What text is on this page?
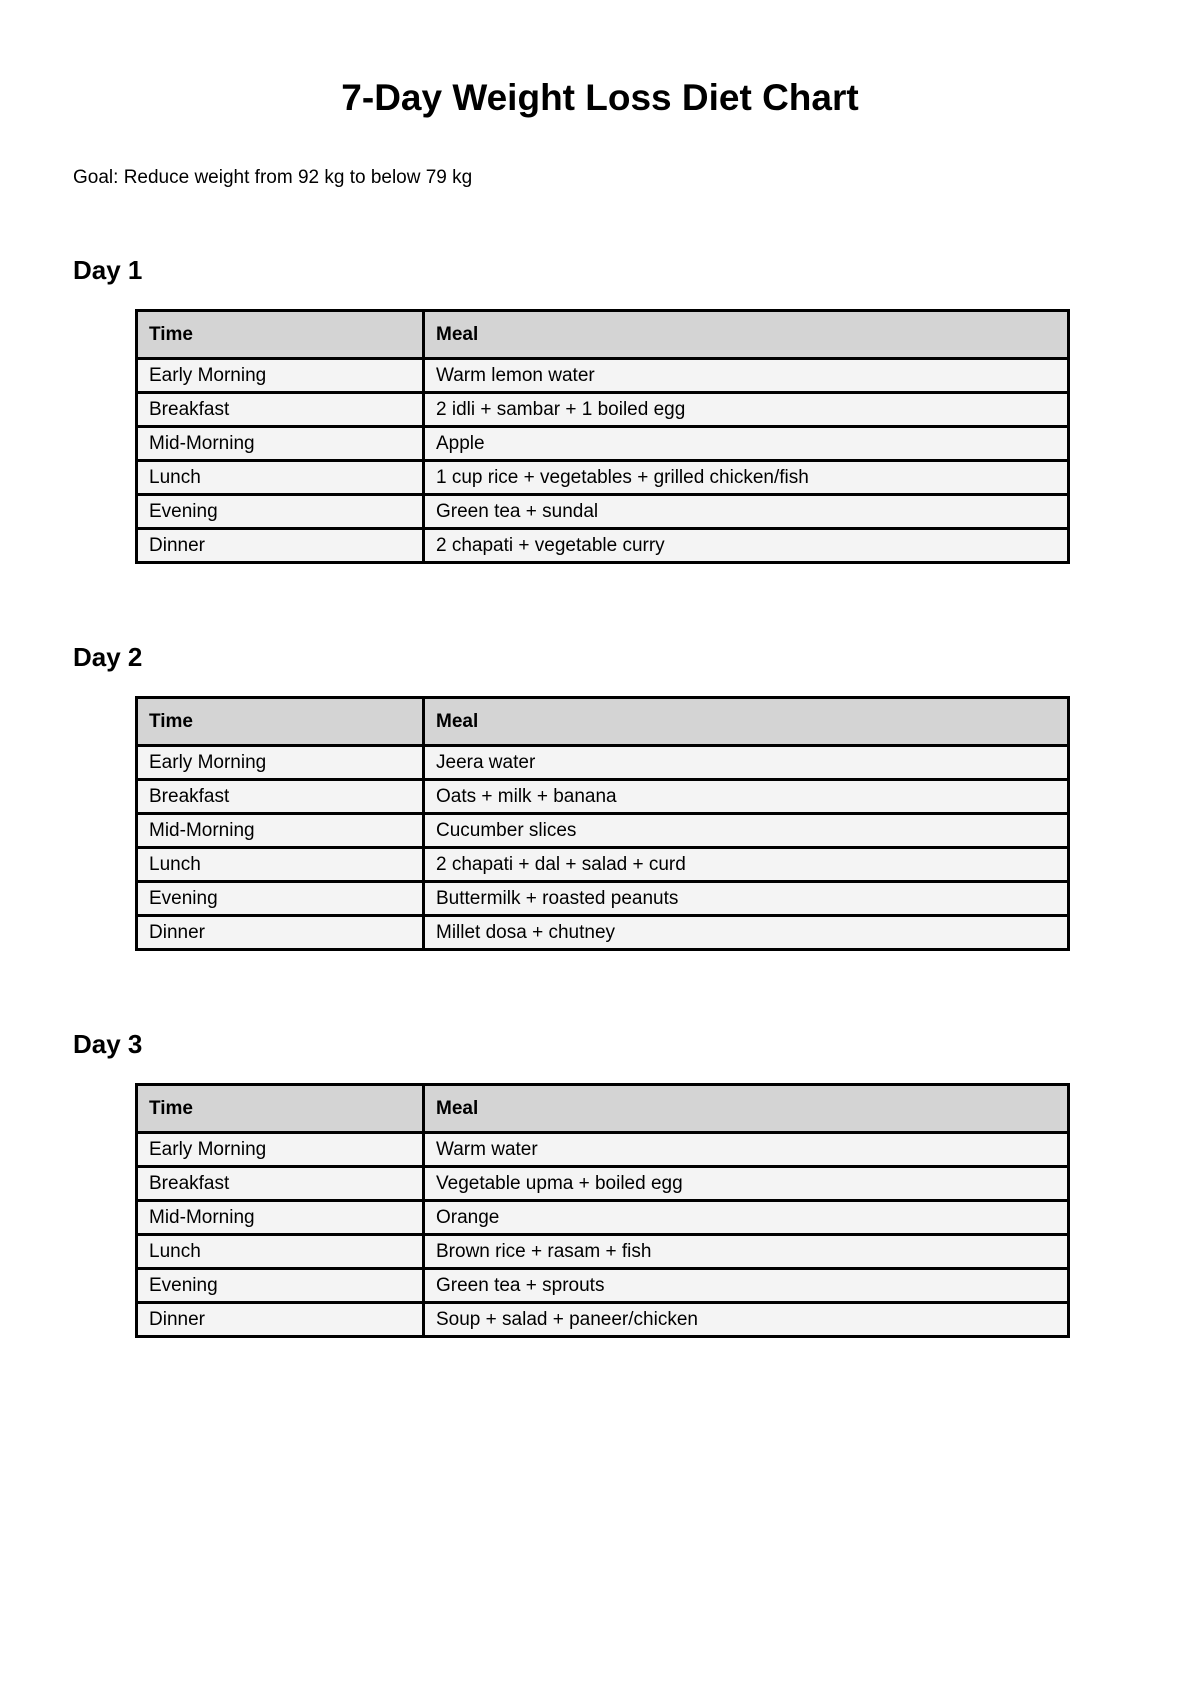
7-Day Weight Loss Diet Chart
Goal: Reduce weight from 92 kg to below 79 kg
Day 1
Time	Meal
Early Morning	Warm lemon water
Breakfast	2 idli + sambar + 1 boiled egg
Mid-Morning	Apple
Lunch	1 cup rice + vegetables + grilled chicken/fish
Evening	Green tea + sundal
Dinner	2 chapati + vegetable curry
Day 2
Time	Meal
Early Morning	Jeera water
Breakfast	Oats + milk + banana
Mid-Morning	Cucumber slices
Lunch	2 chapati + dal + salad + curd
Evening	Buttermilk + roasted peanuts
Dinner	Millet dosa + chutney
Day 3
Time	Meal
Early Morning	Warm water
Breakfast	Vegetable upma + boiled egg
Mid-Morning	Orange
Lunch	Brown rice + rasam + fish
Evening	Green tea + sprouts
Dinner	Soup + salad + paneer/chicken
